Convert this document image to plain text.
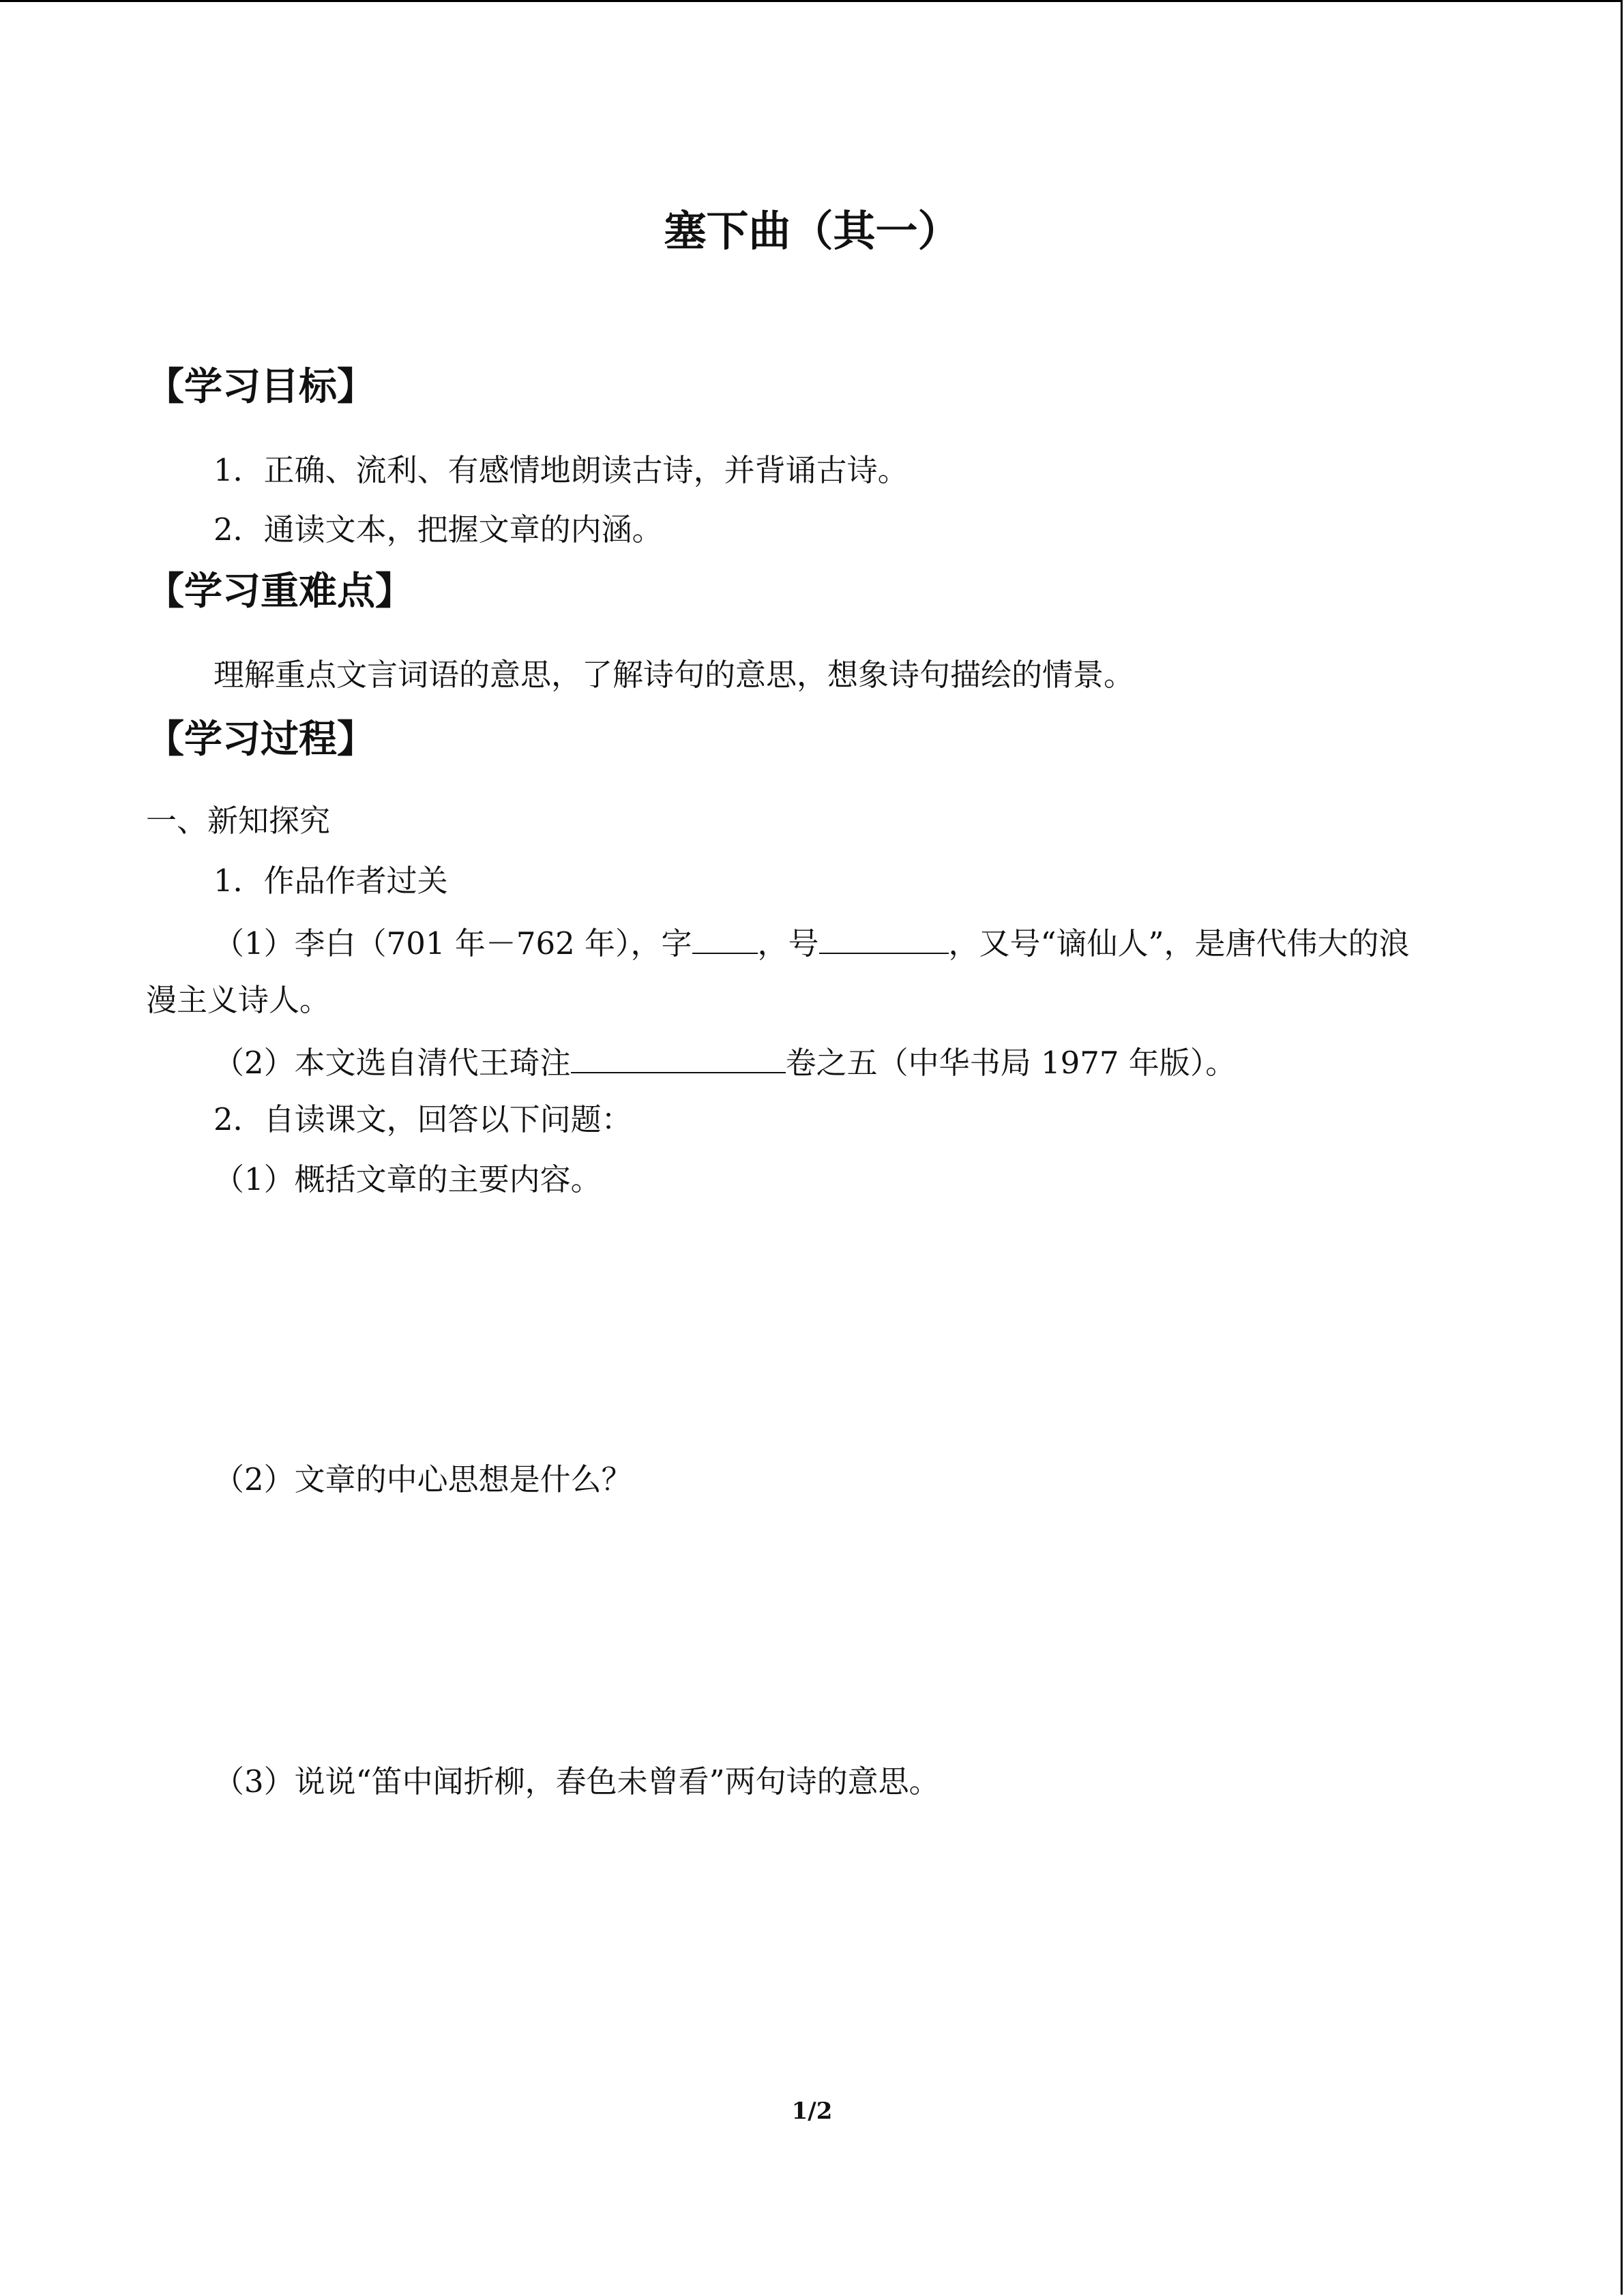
塞下曲（其一）
【学习目标】
1．正确、流利、有感情地朗读古诗，并背诵古诗。
2．通读文本，把握文章的内涵。
【学习重难点】
理解重点文言词语的意思，了解诗句的意思，想象诗句描绘的情景。
【学习过程】
一、新知探究
1．作品作者过关
（1）李白（701 年－762 年），字 ，号	，又号“谪仙人”，是唐代伟大的浪
漫主义诗人。
（2）本文选自清代王琦注	卷之五（中华书局 1977 年版）。
2．自读课文，回答以下问题：
（1）概括文章的主要内容。
（2）文章的中心思想是什么？
（3）说说“笛中闻折柳，春色未曾看”两句诗的意思。
1/2
